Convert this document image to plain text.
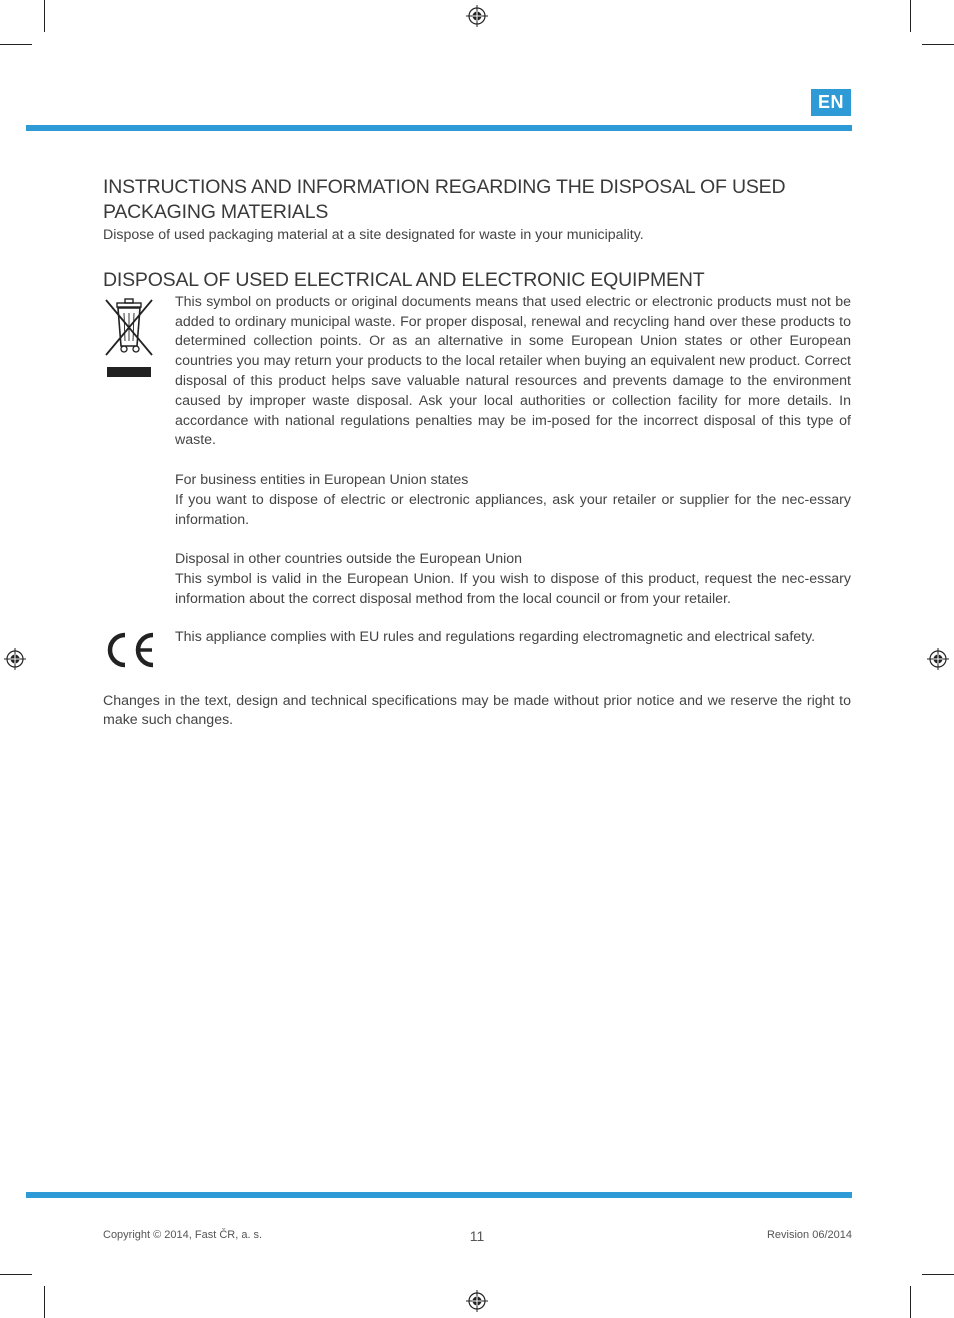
EN
INSTRUCTIONS AND INFORMATION REGARDING THE DISPOSAL OF USED PACKAGING MATERIALS

Dispose of used packaging material at a site designated for waste in your municipality.

DISPOSAL OF USED ELECTRICAL AND ELECTRONIC EQUIPMENT

This symbol on products or original documents means that used electric or electronic products must not be added to ordinary municipal waste. For proper disposal, renewal and recycling hand over these products to determined collection points. Or as an alternative in some European Union states or other European countries you may return your products to the local retailer when buying an equivalent new product. Correct disposal of this product helps save valuable natural resources and prevents damage to the environment caused by improper waste disposal. Ask your local authorities or collection facility for more details. In accordance with national regulations penalties may be im-posed for the incorrect disposal of this type of waste.

For business entities in European Union states

If you want to dispose of electric or electronic appliances, ask your retailer or supplier for the nec-essary information.

Disposal in other countries outside the European Union

This symbol is valid in the European Union. If you wish to dispose of this product, request the nec-essary information about the correct disposal method from the local council or from your retailer.

This appliance complies with EU rules and regulations regarding electromagnetic and electrical safety.

Changes in the text, design and technical specifications may be made without prior notice and we reserve the right to make such changes.

Copyright © 2014, Fast ČR, a. s.	11	Revision 06/2014
